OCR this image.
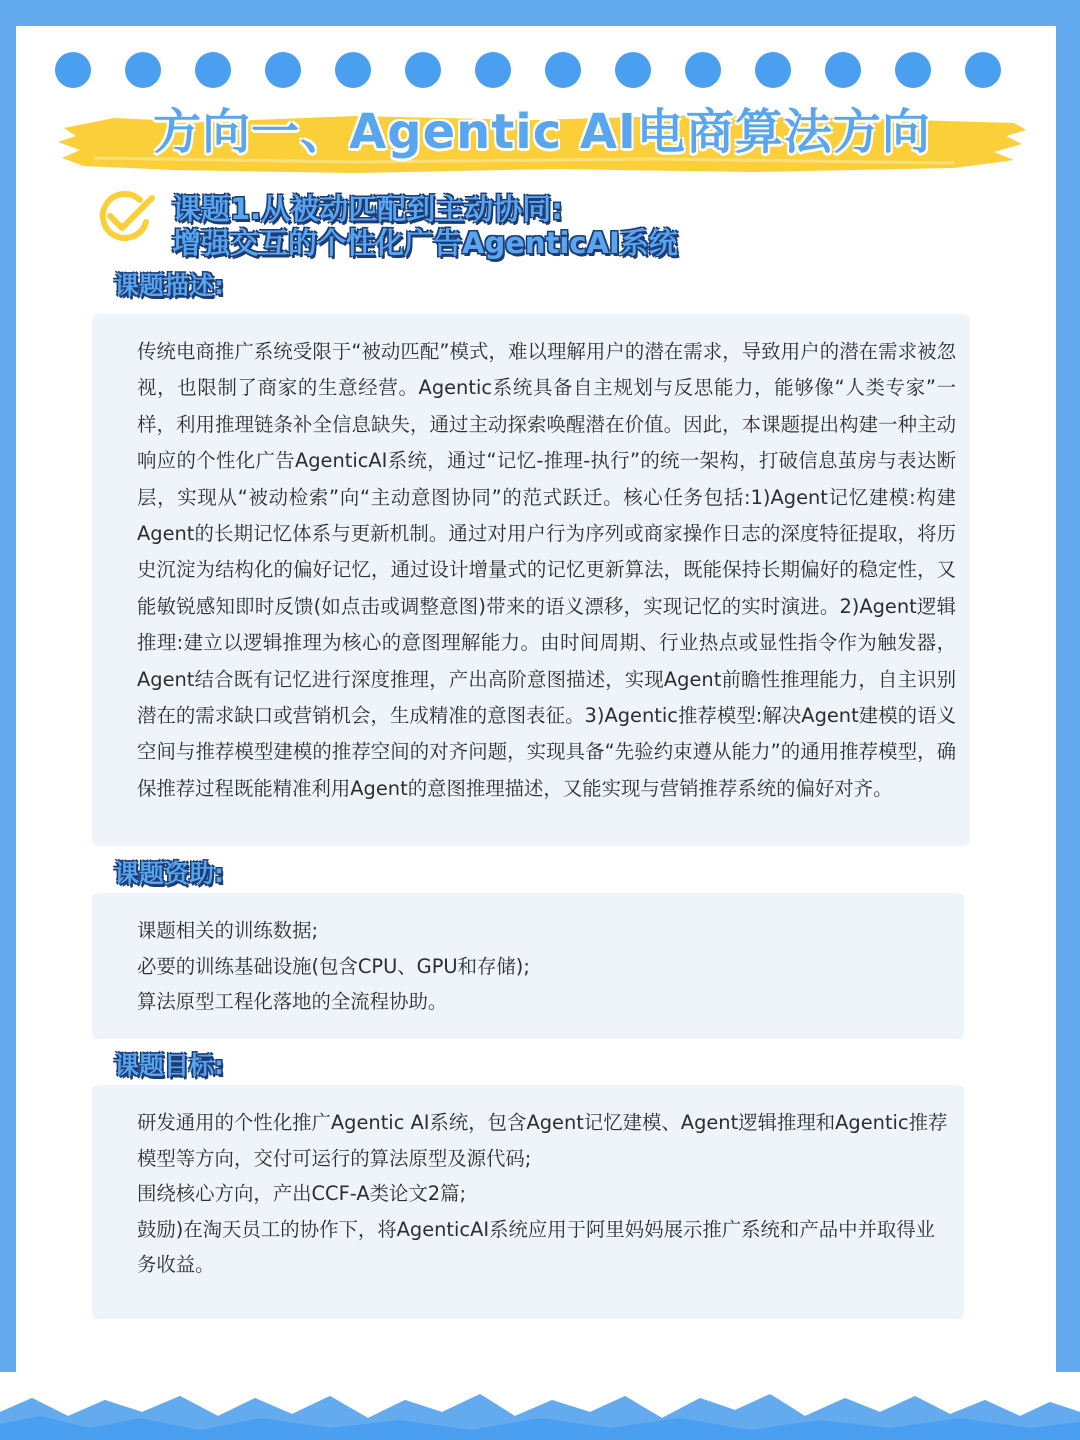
方向一、Agentic AI电商算法方向
课题1.从被动匹配到主动协同:
增强交互的个性化广告AgenticAI系统
课题描述:

传统电商推广系统受限于“被动匹配”模式，难以理解用户的潜在需求，导致用户的潜在需求被忽视，也限制了商家的生意经营。Agentic系统具备自主规划与反思能力，能够像“人类专家”一样，利用推理链条补全信息缺失，通过主动探索唤醒潜在价值。因此，本课题提出构建一种主动响应的个性化广告AgenticAI系统，通过“记忆-推理-执行”的统一架构，打破信息茧房与表达断层，实现从“被动检索”向“主动意图协同”的范式跃迁。核心任务包括:1)Agent记忆建模:构建Agent的长期记忆体系与更新机制。通过对用户行为序列或商家操作日志的深度特征提取，将历史沉淀为结构化的偏好记忆，通过设计增量式的记忆更新算法，既能保持长期偏好的稳定性，又能敏锐感知即时反馈(如点击或调整意图)带来的语义漂移，实现记忆的实时演进。2)Agent逻辑推理:建立以逻辑推理为核心的意图理解能力。由时间周期、行业热点或显性指令作为触发器，Agent结合既有记忆进行深度推理，产出高阶意图描述，实现Agent前瞻性推理能力，自主识别潜在的需求缺口或营销机会，生成精准的意图表征。3)Agentic推荐模型:解决Agent建模的语义空间与推荐模型建模的推荐空间的对齐问题，实现具备“先验约束遵从能力”的通用推荐模型，确保推荐过程既能精准利用Agent的意图推理描述，又能实现与营销推荐系统的偏好对齐。

课题资助:
课题相关的训练数据;
必要的训练基础设施(包含CPU、GPU和存储);
算法原型工程化落地的全流程协助。
课题目标:
研发通用的个性化推广Agentic AI系统，包含Agent记忆建模、Agent逻辑推理和Agentic推荐模型等方向，交付可运行的算法原型及源代码;
围绕核心方向，产出CCF-A类论文2篇;
鼓励)在淘天员工的协作下，将AgenticAI系统应用于阿里妈妈展示推广系统和产品中并取得业务收益。
